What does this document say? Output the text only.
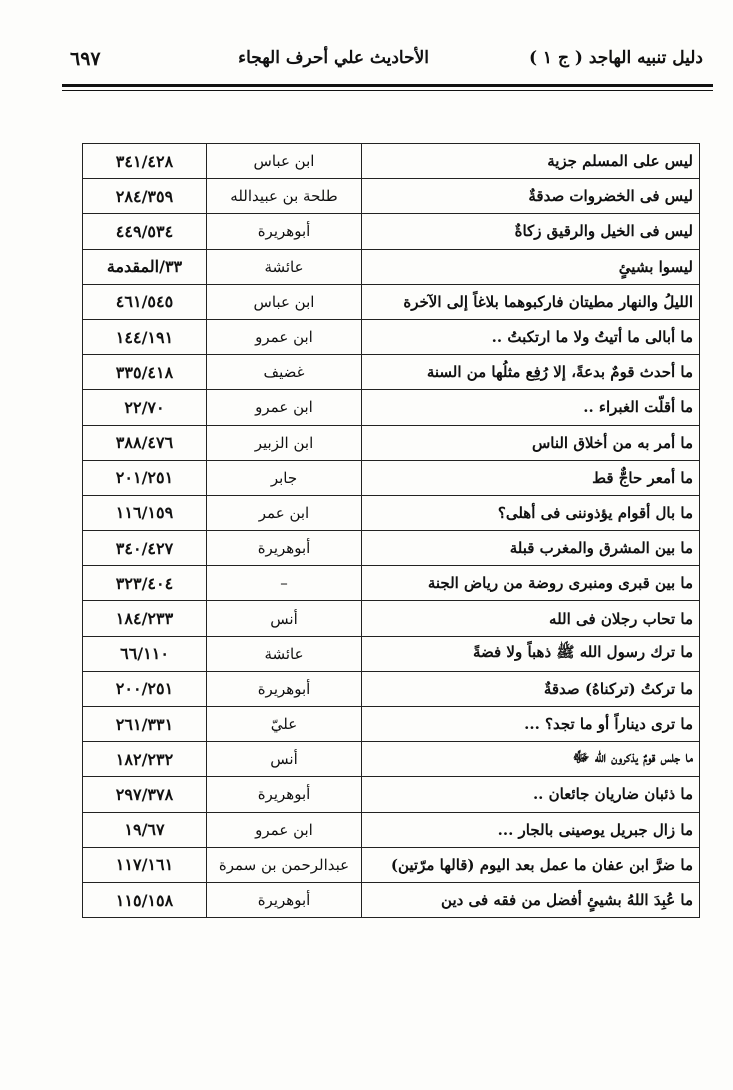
دليل تنبيه الهاجد ( ج ١ )
الأحاديث علي أحرف الهجاء
٦٩٧
ليس على المسلم جزية	ابن عباس	٣٤١/٤٢٨
ليس فى الخضروات صدقةٌ	طلحة بن عبيدالله	٢٨٤/٣٥٩
ليس فى الخيل والرقيق زكاةٌ	أبوهريرة	٤٤٩/٥٣٤
ليسوا بشيئٍ	عائشة	٣٣/المقدمة
الليلُ والنهار مطيتان فاركبوهما بلاغاً إلى الآخرة	ابن عباس	٤٦١/٥٤٥
ما أبالى ما أتيتُ ولا ما ارتكبتُ ..	ابن عمرو	١٤٤/١٩١
ما أحدث قومٌ بدعةً، إلا رُفِع مثلُها من السنة	غضيف	٣٣٥/٤١٨
ما أقلّت الغبراء ..	ابن عمرو	٢٢/٧٠
ما أمر به من أخلاق الناس	ابن الزبير	٣٨٨/٤٧٦
ما أمعر حاجٌّ قط	جابر	٢٠١/٢٥١
ما بال أقوام يؤذوننى فى أهلى؟	ابن عمر	١١٦/١٥٩
ما بين المشرق والمغرب قبلة	أبوهريرة	٣٤٠/٤٢٧
ما بين قبرى ومنبرى روضة من رياض الجنة	–	٣٢٣/٤٠٤
ما تحاب رجلان فى الله	أنس	١٨٤/٢٣٣
ما ترك رسول الله ﷺ ذهباً ولا فضةً	عائشة	٦٦/١١٠
ما تركتُ (تركناهُ) صدقةٌ	أبوهريرة	٢٠٠/٢٥١
ما ترى ديناراً أو ما تجد؟ ...	عليّ	٢٦١/٣٣١
ما جلس قومٌ يذكرون الله ﷻ	أنس	١٨٢/٢٣٢
ما ذئبان ضاريان جائعان ..	أبوهريرة	٢٩٧/٣٧٨
ما زال جبريل يوصينى بالجار ...	ابن عمرو	١٩/٦٧
ما ضرَّ ابن عفان ما عمل بعد اليوم (قالها مرّتين)	عبدالرحمن بن سمرة	١١٧/١٦١
ما عُبِدَ اللهُ بشيئٍ أفضل من فقه فى دين	أبوهريرة	١١٥/١٥٨
